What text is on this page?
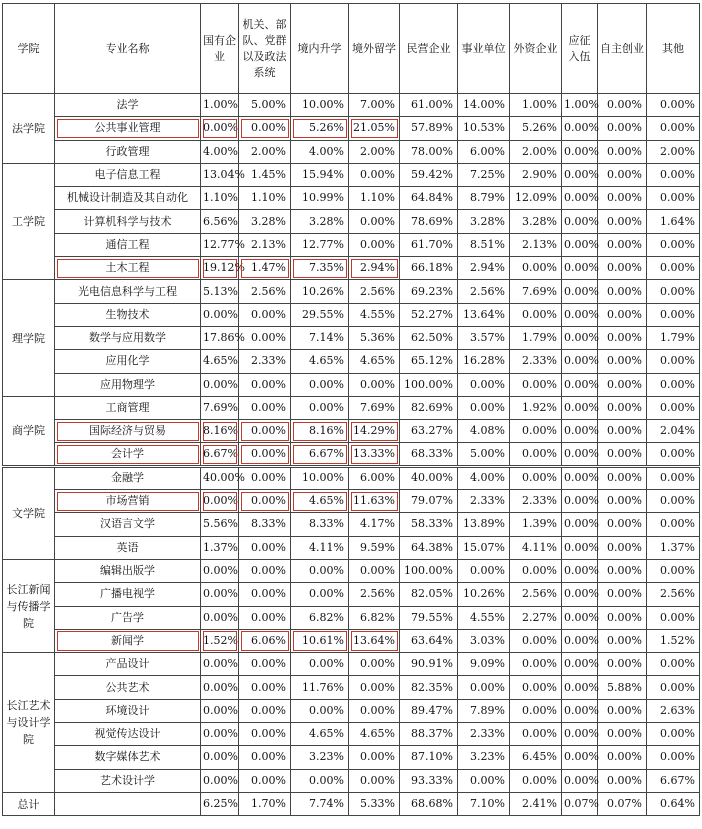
学院	专业名称	国有企业	机关、部队、党群以及政法系统	境内升学	境外留学	民营企业	事业单位	外资企业	应征入伍	自主创业	其他
法学院	法学	1.00%	5.00%	10.00%	7.00%	61.00%	14.00%	1.00%	1.00%	0.00%	0.00%
	公共事业管理	0.00%	0.00%	5.26%	21.05%	57.89%	10.53%	5.26%	0.00%	0.00%	0.00%
	行政管理	4.00%	2.00%	4.00%	2.00%	78.00%	6.00%	2.00%	0.00%	0.00%	2.00%
工学院	电子信息工程	13.04%	1.45%	15.94%	0.00%	59.42%	7.25%	2.90%	0.00%	0.00%	0.00%
	机械设计制造及其自动化	1.10%	1.10%	10.99%	1.10%	64.84%	8.79%	12.09%	0.00%	0.00%	0.00%
	计算机科学与技术	6.56%	3.28%	3.28%	0.00%	78.69%	3.28%	3.28%	0.00%	0.00%	1.64%
	通信工程	12.77%	2.13%	12.77%	0.00%	61.70%	8.51%	2.13%	0.00%	0.00%	0.00%
	土木工程	19.12%	1.47%	7.35%	2.94%	66.18%	2.94%	0.00%	0.00%	0.00%	0.00%
理学院	光电信息科学与工程	5.13%	2.56%	10.26%	2.56%	69.23%	2.56%	7.69%	0.00%	0.00%	0.00%
	生物技术	0.00%	0.00%	29.55%	4.55%	52.27%	13.64%	0.00%	0.00%	0.00%	0.00%
	数学与应用数学	17.86%	0.00%	7.14%	5.36%	62.50%	3.57%	1.79%	0.00%	0.00%	1.79%
	应用化学	4.65%	2.33%	4.65%	4.65%	65.12%	16.28%	2.33%	0.00%	0.00%	0.00%
	应用物理学	0.00%	0.00%	0.00%	0.00%	100.00%	0.00%	0.00%	0.00%	0.00%	0.00%
商学院	工商管理	7.69%	0.00%	0.00%	7.69%	82.69%	0.00%	1.92%	0.00%	0.00%	0.00%
	国际经济与贸易	8.16%	0.00%	8.16%	14.29%	63.27%	4.08%	0.00%	0.00%	0.00%	2.04%
	会计学	6.67%	0.00%	6.67%	13.33%	68.33%	5.00%	0.00%	0.00%	0.00%	0.00%
文学院	金融学	40.00%	0.00%	10.00%	6.00%	40.00%	4.00%	0.00%	0.00%	0.00%	0.00%
	市场营销	0.00%	0.00%	4.65%	11.63%	79.07%	2.33%	2.33%	0.00%	0.00%	0.00%
	汉语言文学	5.56%	8.33%	8.33%	4.17%	58.33%	13.89%	1.39%	0.00%	0.00%	0.00%
	英语	1.37%	0.00%	4.11%	9.59%	64.38%	15.07%	4.11%	0.00%	0.00%	1.37%
长江新闻与传播学院	编辑出版学	0.00%	0.00%	0.00%	0.00%	100.00%	0.00%	0.00%	0.00%	0.00%	0.00%
	广播电视学	0.00%	0.00%	0.00%	2.56%	82.05%	10.26%	2.56%	0.00%	0.00%	2.56%
	广告学	0.00%	0.00%	6.82%	6.82%	79.55%	4.55%	2.27%	0.00%	0.00%	0.00%
	新闻学	1.52%	6.06%	10.61%	13.64%	63.64%	3.03%	0.00%	0.00%	0.00%	1.52%
长江艺术与设计学院	产品设计	0.00%	0.00%	0.00%	0.00%	90.91%	9.09%	0.00%	0.00%	0.00%	0.00%
	公共艺术	0.00%	0.00%	11.76%	0.00%	82.35%	0.00%	0.00%	0.00%	5.88%	0.00%
	环境设计	0.00%	0.00%	0.00%	0.00%	89.47%	7.89%	0.00%	0.00%	0.00%	2.63%
	视觉传达设计	0.00%	0.00%	4.65%	4.65%	88.37%	2.33%	0.00%	0.00%	0.00%	0.00%
	数字媒体艺术	0.00%	0.00%	3.23%	0.00%	87.10%	3.23%	6.45%	0.00%	0.00%	0.00%
	艺术设计学	0.00%	0.00%	0.00%	0.00%	93.33%	0.00%	0.00%	0.00%	0.00%	6.67%
总计		6.25%	1.70%	7.74%	5.33%	68.68%	7.10%	2.41%	0.07%	0.07%	0.64%
